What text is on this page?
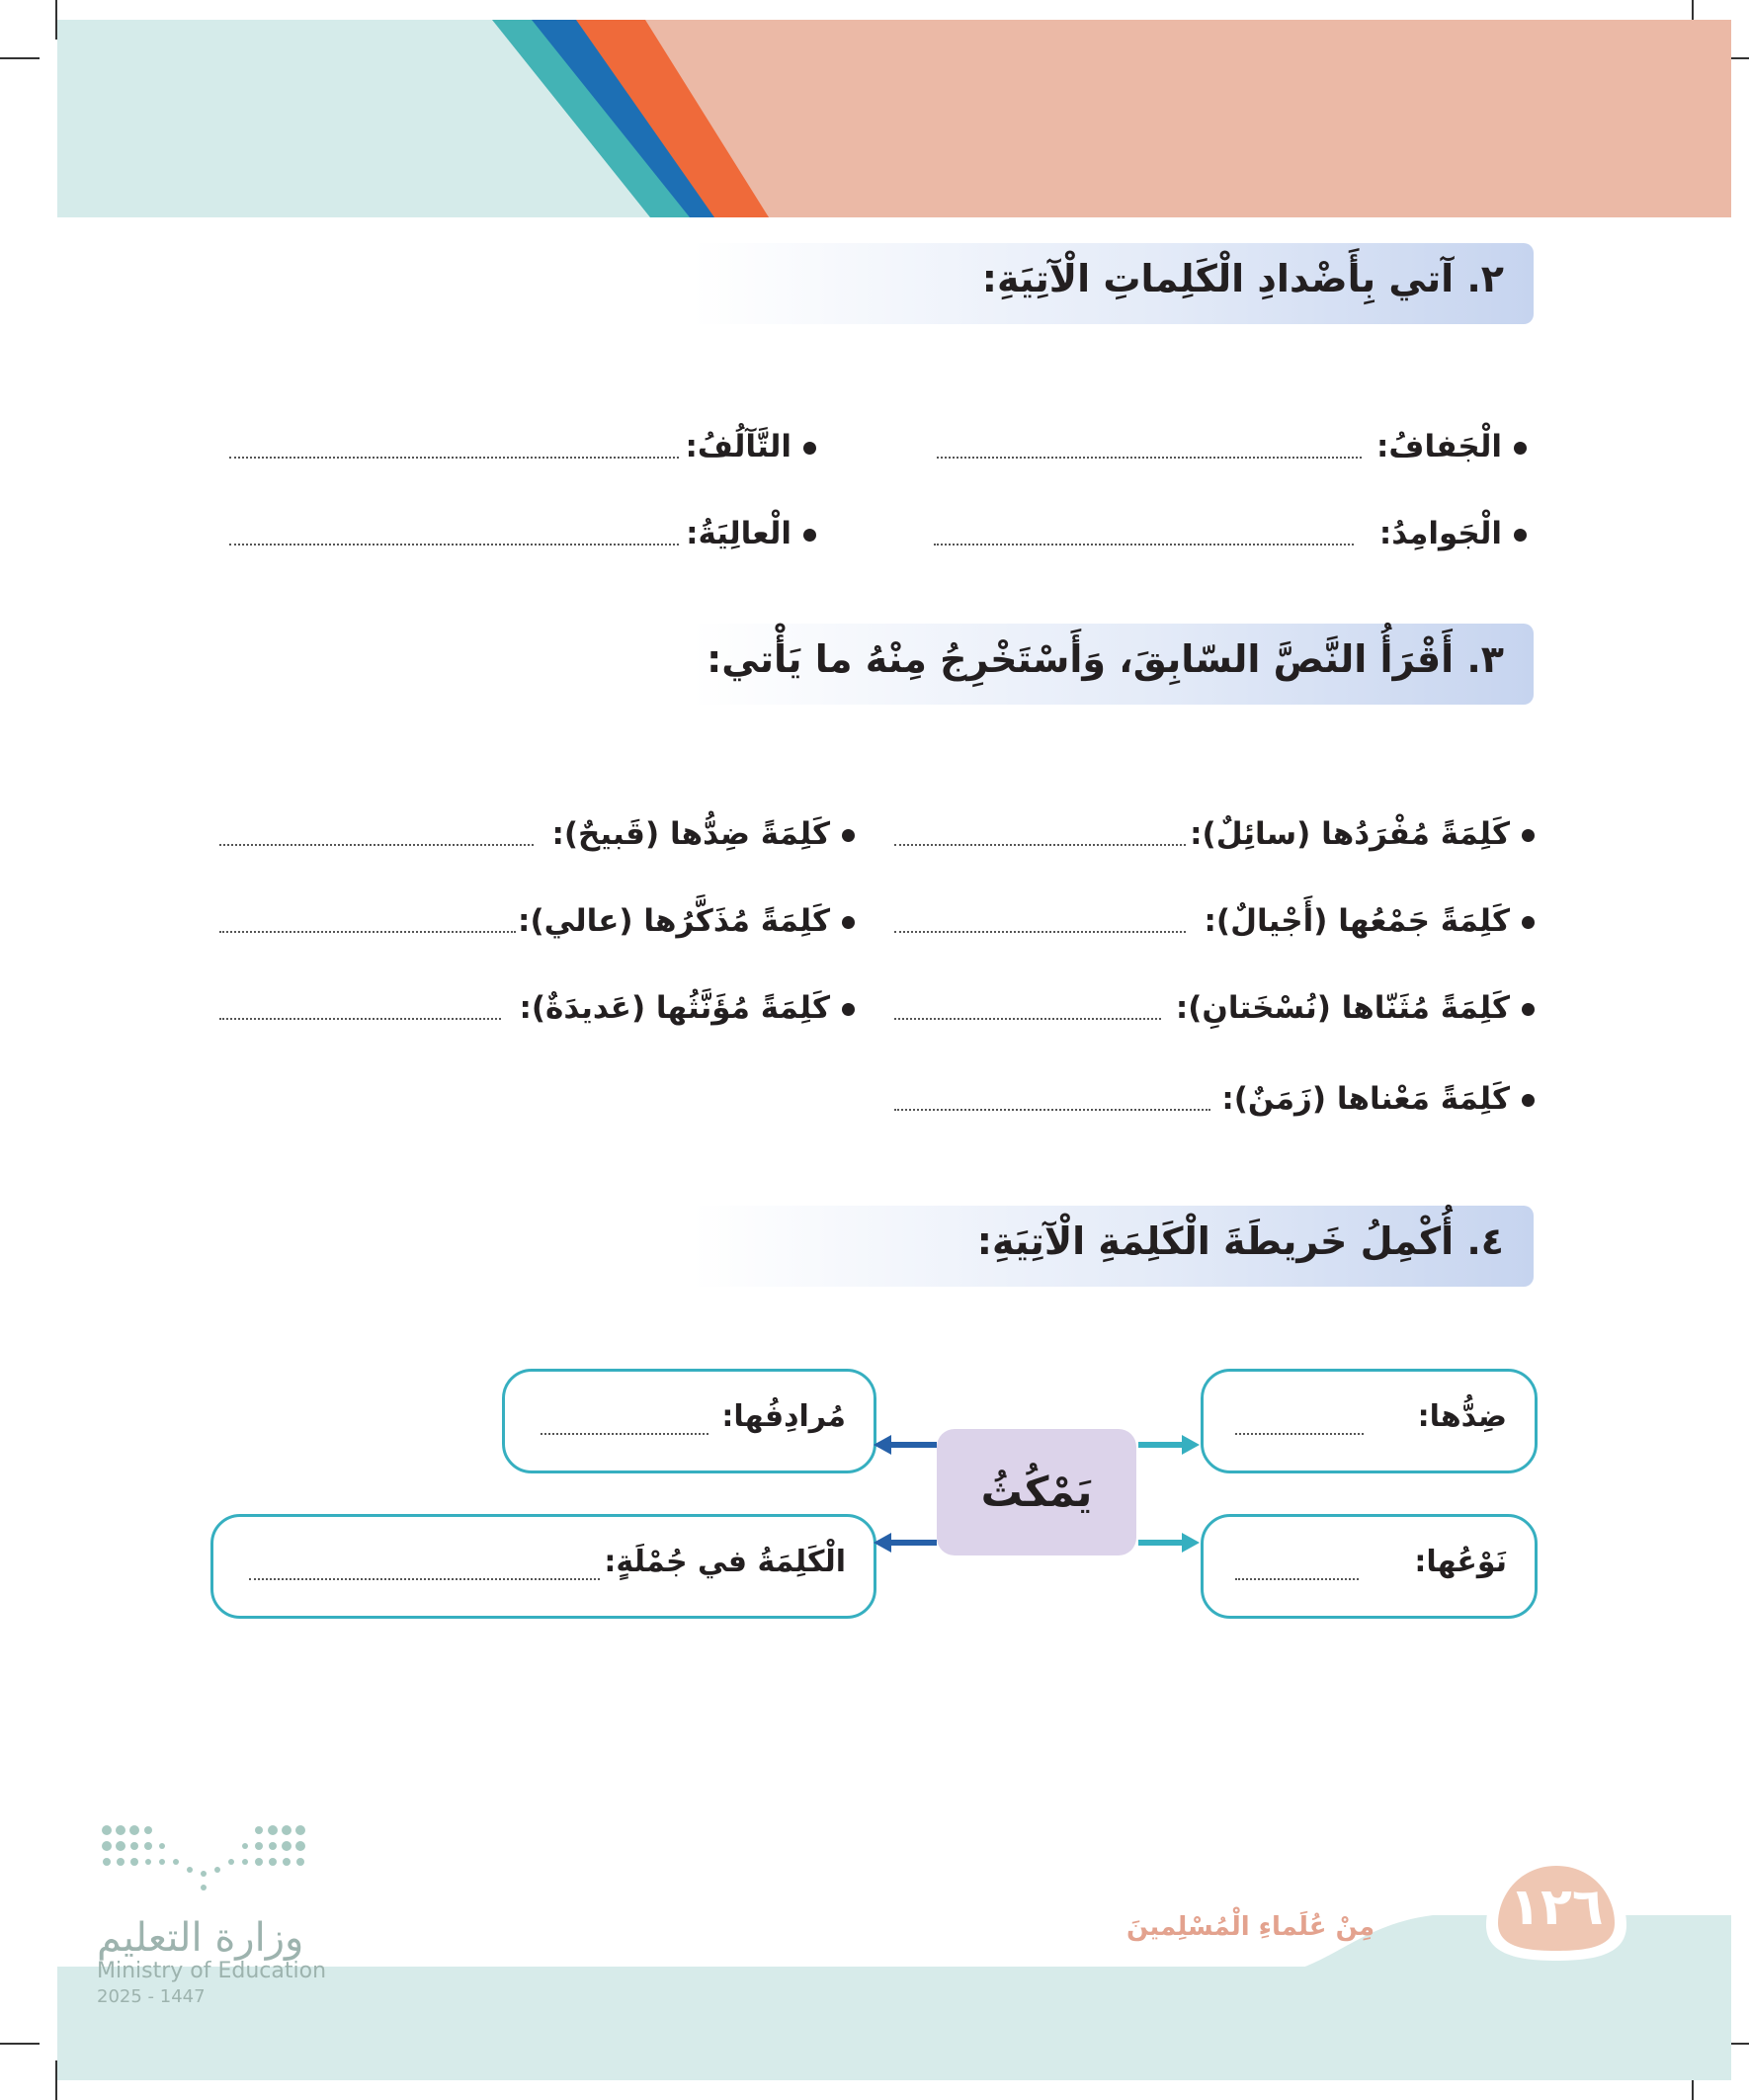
٢. آتي بِأَضْدادِ الْكَلِماتِ الْآتِيَةِ:
الْجَفافُ:
التَّآلُفُ:
الْجَوامِدُ:
الْعالِيَةُ:
٣. أَقْرَأُ النَّصَّ السّابِقَ، وَأَسْتَخْرِجُ مِنْهُ ما يَأْتي:
كَلِمَةً مُفْرَدُها (سائِلٌ):
كَلِمَةً ضِدُّها (قَبيحٌ):
كَلِمَةً جَمْعُها (أَجْيالٌ):
كَلِمَةً مُذَكَّرُها (عالي):
كَلِمَةً مُثَنّاها (نُسْخَتانِ):
كَلِمَةً مُؤَنَّثُها (عَديدَةٌ):
كَلِمَةً مَعْناها (زَمَنٌ):
٤. أُكْمِلُ خَريطَةَ الْكَلِمَةِ الْآتِيَةِ:
ضِدُّها:
مُرادِفُها:
نَوْعُها:
الْكَلِمَةُ في جُمْلَةٍ:
يَمْكُثُ
١٢٦
مِنْ عُلَماءِ الْمُسْلِمينَ
وزارة التعليم
Ministry of Education
2025 - 1447
